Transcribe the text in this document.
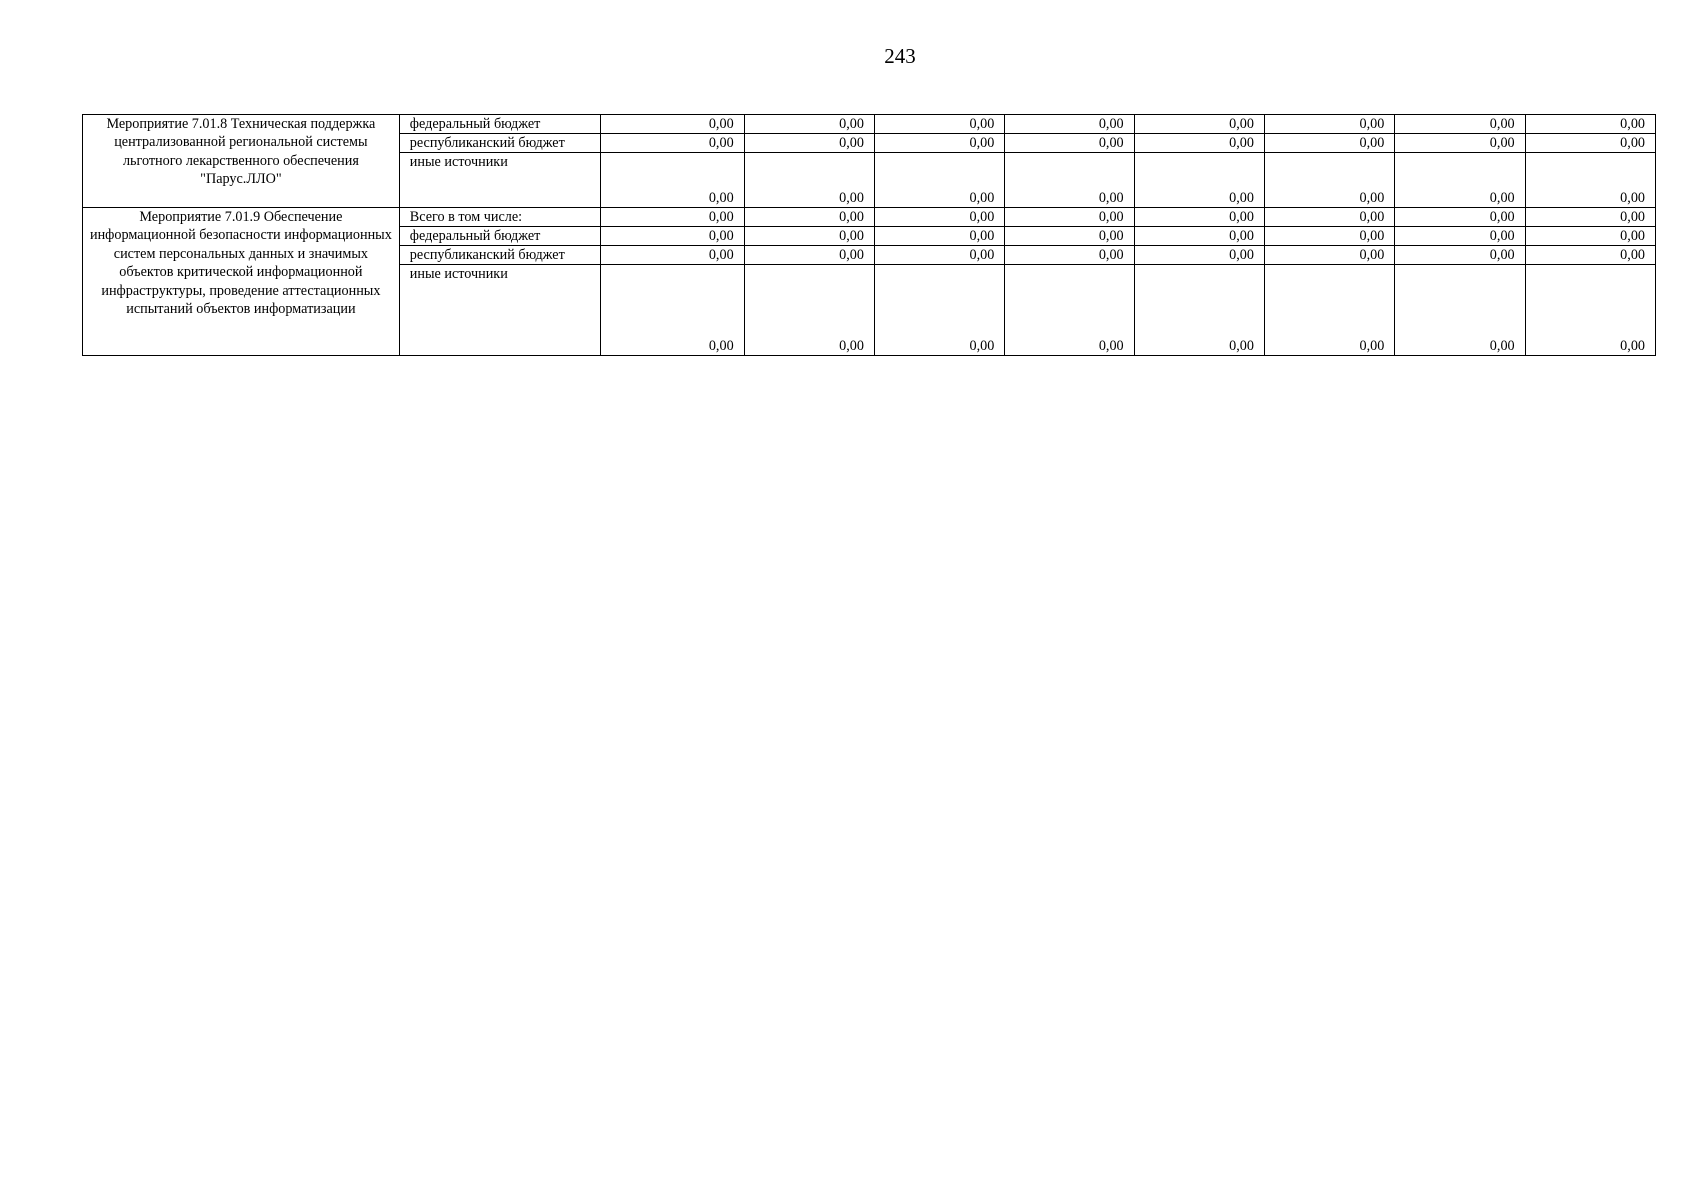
243
Мероприятие 7.01.8 Техническая поддержка централизованной региональной системы льготного лекарственного обеспечения "Парус.ЛЛО"	федеральный бюджет	0,00	0,00	0,00	0,00	0,00	0,00	0,00	0,00
	республиканский бюджет	0,00	0,00	0,00	0,00	0,00	0,00	0,00	0,00
	иные источники	0,00	0,00	0,00	0,00	0,00	0,00	0,00	0,00
Мероприятие 7.01.9 Обеспечение информационной безопасности информационных систем персональных данных и значимых объектов критической информационной инфраструктуры, проведение аттестационных испытаний объектов информатизации	Всего в том числе:	0,00	0,00	0,00	0,00	0,00	0,00	0,00	0,00
	федеральный бюджет	0,00	0,00	0,00	0,00	0,00	0,00	0,00	0,00
	республиканский бюджет	0,00	0,00	0,00	0,00	0,00	0,00	0,00	0,00
	иные источники	0,00	0,00	0,00	0,00	0,00	0,00	0,00	0,00
